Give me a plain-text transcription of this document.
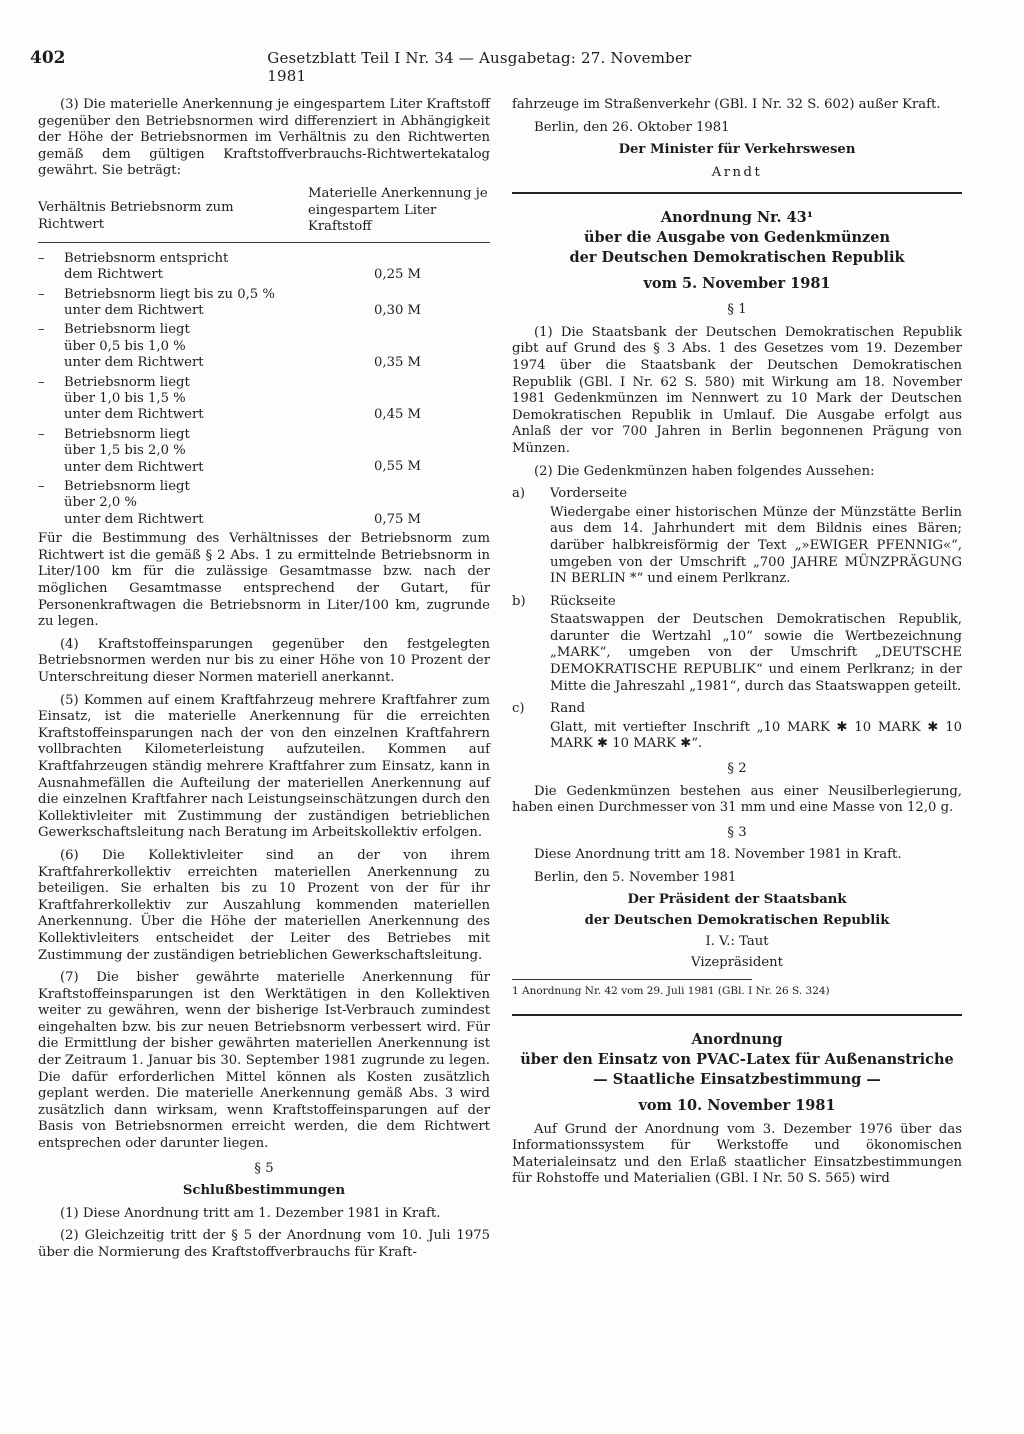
402	Gesetzblatt Teil I Nr. 34 — Ausgabetag: 27. November 1981

(3) Die materielle Anerkennung je eingespartem Liter Kraftstoff gegenüber den Betriebsnormen wird differenziert in Abhängigkeit der Höhe der Betriebsnormen im Verhältnis zu den Richtwerten gemäß dem gültigen Kraftstoffverbrauchs-Richtwertekatalog gewährt. Sie beträgt:

Verhältnis Betriebsnorm zum Richtwert
Materielle Anerkennung je eingespartem Liter Kraftstoff
–	Betriebsnorm entspricht
dem Richtwert	0,25 M
–	Betriebsnorm liegt bis zu 0,5 %
unter dem Richtwert	0,30 M
–	Betriebsnorm liegt
über 0,5 bis 1,0 %
unter dem Richtwert	0,35 M
–	Betriebsnorm liegt
über 1,0 bis 1,5 %
unter dem Richtwert	0,45 M
–	Betriebsnorm liegt
über 1,5 bis 2,0 %
unter dem Richtwert	0,55 M
–	Betriebsnorm liegt
über 2,0 %
unter dem Richtwert	0,75 M

Für die Bestimmung des Verhältnisses der Betriebsnorm zum Richtwert ist die gemäß § 2 Abs. 1 zu ermittelnde Betriebsnorm in Liter/100 km für die zulässige Gesamtmasse bzw. nach der möglichen Gesamtmasse entsprechend der Gutart, für Personenkraftwagen die Betriebsnorm in Liter/100 km, zugrunde zu legen.

(4) Kraftstoffeinsparungen gegenüber den festgelegten Betriebsnormen werden nur bis zu einer Höhe von 10 Prozent der Unterschreitung dieser Normen materiell anerkannt.

(5) Kommen auf einem Kraftfahrzeug mehrere Kraftfahrer zum Einsatz, ist die materielle Anerkennung für die erreichten Kraftstoffeinsparungen nach der von den einzelnen Kraftfahrern vollbrachten Kilometerleistung aufzuteilen. Kommen auf Kraftfahrzeugen ständig mehrere Kraftfahrer zum Einsatz, kann in Ausnahmefällen die Aufteilung der materiellen Anerkennung auf die einzelnen Kraftfahrer nach Leistungseinschätzungen durch den Kollektivleiter mit Zustimmung der zuständigen betrieblichen Gewerkschaftsleitung nach Beratung im Arbeitskollektiv erfolgen.

(6) Die Kollektivleiter sind an der von ihrem Kraftfahrerkollektiv erreichten materiellen Anerkennung zu beteiligen. Sie erhalten bis zu 10 Prozent von der für ihr Kraftfahrerkollektiv zur Auszahlung kommenden materiellen Anerkennung. Über die Höhe der materiellen Anerkennung des Kollektivleiters entscheidet der Leiter des Betriebes mit Zustimmung der zuständigen betrieblichen Gewerkschaftsleitung.

(7) Die bisher gewährte materielle Anerkennung für Kraftstoffeinsparungen ist den Werktätigen in den Kollektiven weiter zu gewähren, wenn der bisherige Ist-Verbrauch zumindest eingehalten bzw. bis zur neuen Betriebsnorm verbessert wird. Für die Ermittlung der bisher gewährten materiellen Anerkennung ist der Zeitraum 1. Januar bis 30. September 1981 zugrunde zu legen. Die dafür erforderlichen Mittel können als Kosten zusätzlich geplant werden. Die materielle Anerkennung gemäß Abs. 3 wird zusätzlich dann wirksam, wenn Kraftstoffeinsparungen auf der Basis von Betriebsnormen erreicht werden, die dem Richtwert entsprechen oder darunter liegen.

§ 5
Schlußbestimmungen

(1) Diese Anordnung tritt am 1. Dezember 1981 in Kraft.

(2) Gleichzeitig tritt der § 5 der Anordnung vom 10. Juli 1975 über die Normierung des Kraftstoffverbrauchs für Kraft-

fahrzeuge im Straßenverkehr (GBl. I Nr. 32 S. 602) außer Kraft.

Berlin, den 26. Oktober 1981

Der Minister für Verkehrswesen
Arndt
Anordnung Nr. 43¹
über die Ausgabe von Gedenkmünzen
der Deutschen Demokratischen Republik
vom 5. November 1981
§ 1

(1) Die Staatsbank der Deutschen Demokratischen Republik gibt auf Grund des § 3 Abs. 1 des Gesetzes vom 19. Dezember 1974 über die Staatsbank der Deutschen Demokratischen Republik (GBl. I Nr. 62 S. 580) mit Wirkung am 18. November 1981 Gedenkmünzen im Nennwert zu 10 Mark der Deutschen Demokratischen Republik in Umlauf. Die Ausgabe erfolgt aus Anlaß der vor 700 Jahren in Berlin begonnenen Prägung von Münzen.

(2) Die Gedenkmünzen haben folgendes Aussehen:

a)	Vorderseite
Wiedergabe einer historischen Münze der Münzstätte Berlin aus dem 14. Jahrhundert mit dem Bildnis eines Bären; darüber halbkreisförmig der Text „»EWIGER PFENNIG«“, umgeben von der Umschrift „700 JAHRE MÜNZPRÄGUNG IN BERLIN *“ und einem Perlkranz.
b)	Rückseite
Staatswappen der Deutschen Demokratischen Republik, darunter die Wertzahl „10“ sowie die Wertbezeichnung „MARK“, umgeben von der Umschrift „DEUTSCHE DEMOKRATISCHE REPUBLIK“ und einem Perlkranz; in der Mitte die Jahreszahl „1981“, durch das Staatswappen geteilt.
c)	Rand
Glatt, mit vertiefter Inschrift „10 MARK ✱ 10 MARK ✱ 10 MARK ✱ 10 MARK ✱“.
§ 2

Die Gedenkmünzen bestehen aus einer Neusilberlegierung, haben einen Durchmesser von 31 mm und eine Masse von 12,0 g.

§ 3

Diese Anordnung tritt am 18. November 1981 in Kraft.

Berlin, den 5. November 1981

Der Präsident der Staatsbank
der Deutschen Demokratischen Republik
I. V.: Taut
Vizepräsident
1 Anordnung Nr. 42 vom 29. Juli 1981 (GBl. I Nr. 26 S. 324)
Anordnung
über den Einsatz von PVAC-Latex für Außenanstriche
— Staatliche Einsatzbestimmung —
vom 10. November 1981

Auf Grund der Anordnung vom 3. Dezember 1976 über das Informationssystem für Werkstoffe und ökonomischen Materialeinsatz und den Erlaß staatlicher Einsatzbestimmungen für Rohstoffe und Materialien (GBl. I Nr. 50 S. 565) wird
